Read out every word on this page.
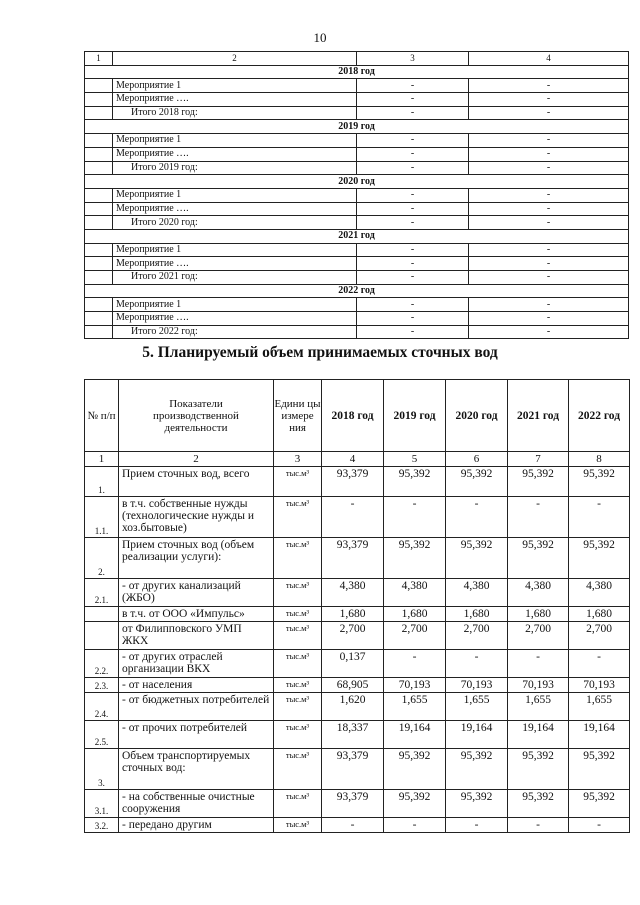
10
1	2	3	4
2018 год			
	Мероприятие 1	-	-
	Мероприятие ….	-	-
	Итого 2018 год:	-	-
2019 год			
	Мероприятие 1	-	-
	Мероприятие ….	-	-
	Итого 2019 год:	-	-
2020 год			
	Мероприятие 1	-	-
	Мероприятие ….	-	-
	Итого 2020 год:	-	-
2021 год			
	Мероприятие 1	-	-
	Мероприятие ….	-	-
	Итого 2021 год:	-	-
2022 год			
	Мероприятие 1	-	-
	Мероприятие ….	-	-
	Итого 2022 год:	-	-
5. Планируемый объем принимаемых сточных вод
№ п/п	Показатели производственной деятельности	Едини цы измере ния	2018 год	2019 год	2020 год	2021 год	2022 год
1	2	3	4	5	6	7	8
1.	Прием сточных вод, всего	тыс.м³	93,379	95,392	95,392	95,392	95,392
1.1.	в т.ч. собственные нужды (технологические нужды и хоз.бытовые)	тыс.м³	-	-	-	-	-
2.	Прием сточных вод (объем реализации услуги):	тыс.м³	93,379	95,392	95,392	95,392	95,392
2.1.	- от других канализаций (ЖБО)	тыс.м³	4,380	4,380	4,380	4,380	4,380
	в т.ч. от ООО «Импульс»	тыс.м³	1,680	1,680	1,680	1,680	1,680
	от Филипповского УМП ЖКХ	тыс.м³	2,700	2,700	2,700	2,700	2,700
2.2.	- от других отраслей организации ВКХ	тыс.м³	0,137	-	-	-	-
2.3.	- от населения	тыс.м³	68,905	70,193	70,193	70,193	70,193
2.4.	- от бюджетных потребителей	тыс.м³	1,620	1,655	1,655	1,655	1,655
2.5.	- от прочих потребителей	тыс.м³	18,337	19,164	19,164	19,164	19,164
3.	Объем транспортируемых сточных вод:	тыс.м³	93,379	95,392	95,392	95,392	95,392
3.1.	- на собственные очистные сооружения	тыс.м³	93,379	95,392	95,392	95,392	95,392
3.2.	- передано другим	тыс.м³	-	-	-	-	-
